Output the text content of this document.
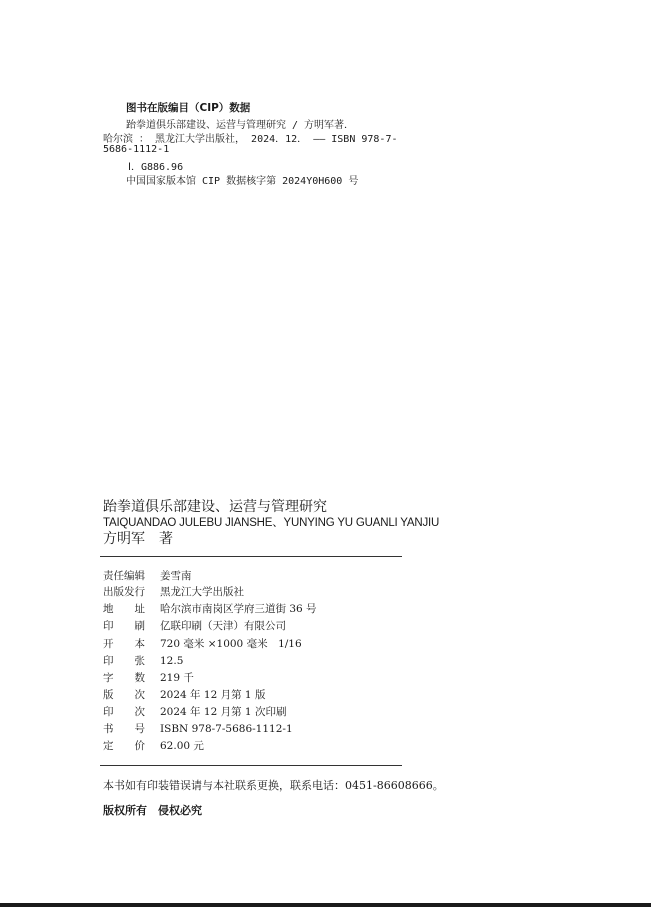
图书在版编目（CIP）数据
跆拳道俱乐部建设、运营与管理研究 / 方明军著．
哈尔滨 ： 黑龙江大学出版社， 2024．12． —— ISBN 978-7-
5686-1112-1
Ⅰ．G886.96
中国国家版本馆 CIP 数据核字第 2024Y0H600 号
跆拳道俱乐部建设、运营与管理研究
TAIQUANDAO JULEBU JIANSHE、YUNYING YU GUANLI YANJIU
方明军　著
责任编辑	姜雪南
出版发行	黑龙江大学出版社
地　　址	哈尔滨市南岗区学府三道街 36 号
印　　刷	亿联印刷（天津）有限公司
开　　本	720 毫米 ×1000 毫米　1/16
印　　张	12.5
字　　数	219 千
版　　次	2024 年 12 月第 1 版
印　　次	2024 年 12 月第 1 次印刷
书　　号	ISBN 978-7-5686-1112-1
定　　价	62.00 元
本书如有印装错误请与本社联系更换，联系电话：0451-86608666。
版权所有　侵权必究
